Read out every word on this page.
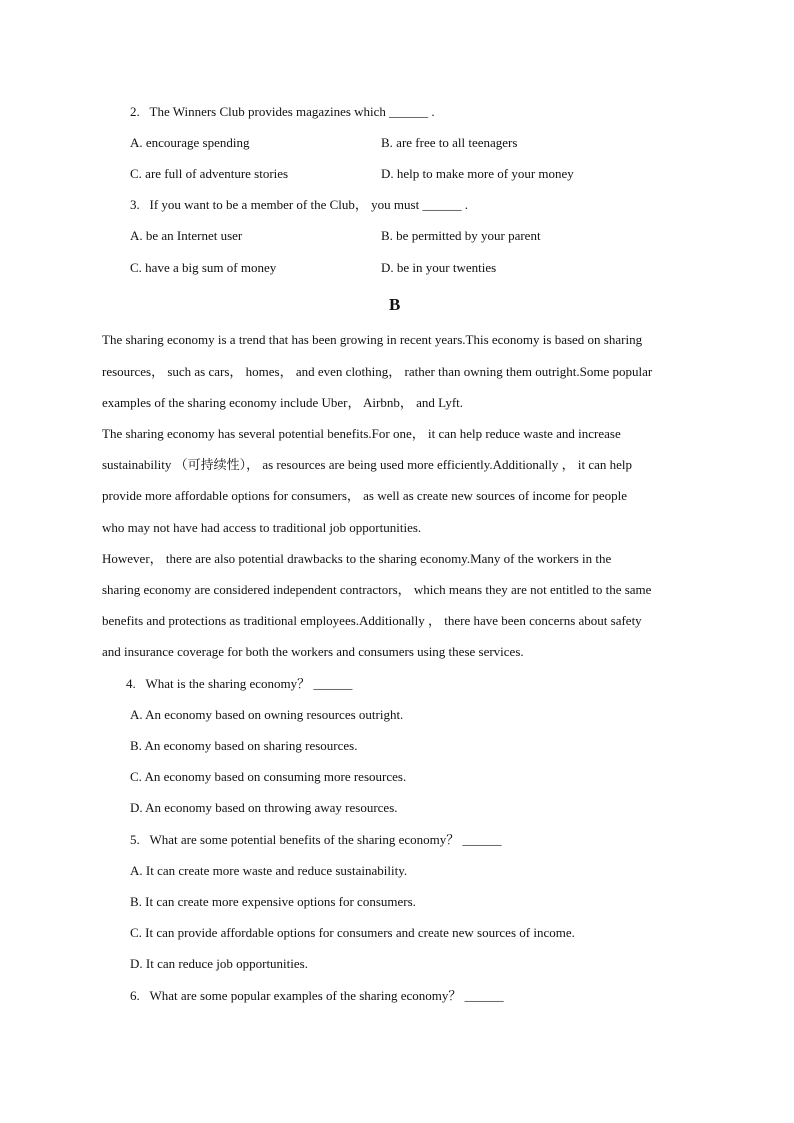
2.   The Winners Club provides magazines which ______ .
A. encourage spending	B. are free to all teenagers
C. are full of adventure stories	D. help to make more of your money
3.   If you want to be a member of the Club， you must ______ .
A. be an Internet user	B. be permitted by your parent
C. have a big sum of money	D. be in your twenties
B
The sharing economy is a trend that has been growing in recent years.This economy is based on sharing
resources， such as cars， homes， and even clothing， rather than owning them outright.Some popular
examples of the sharing economy include Uber， Airbnb， and Lyft.
The sharing economy has several potential benefits.For one， it can help reduce waste and increase
sustainability （可持续性）， as resources are being used more efficiently.Additionally ， it can help
provide more affordable options for consumers， as well as create new sources of income for people
who may not have had access to traditional job opportunities.
However， there are also potential drawbacks to the sharing economy.Many of the workers in the
sharing economy are considered independent contractors， which means they are not entitled to the same
benefits and protections as traditional employees.Additionally ， there have been concerns about safety
and insurance coverage for both the workers and consumers using these services.
4.   What is the sharing economy？ ______
A. An economy based on owning resources outright.
B. An economy based on sharing resources.
C. An economy based on consuming more resources.
D. An economy based on throwing away resources.
5.   What are some potential benefits of the sharing economy？ ______
A. It can create more waste and reduce sustainability.
B. It can create more expensive options for consumers.
C. It can provide affordable options for consumers and create new sources of income.
D. It can reduce job opportunities.
6.   What are some popular examples of the sharing economy？ ______
